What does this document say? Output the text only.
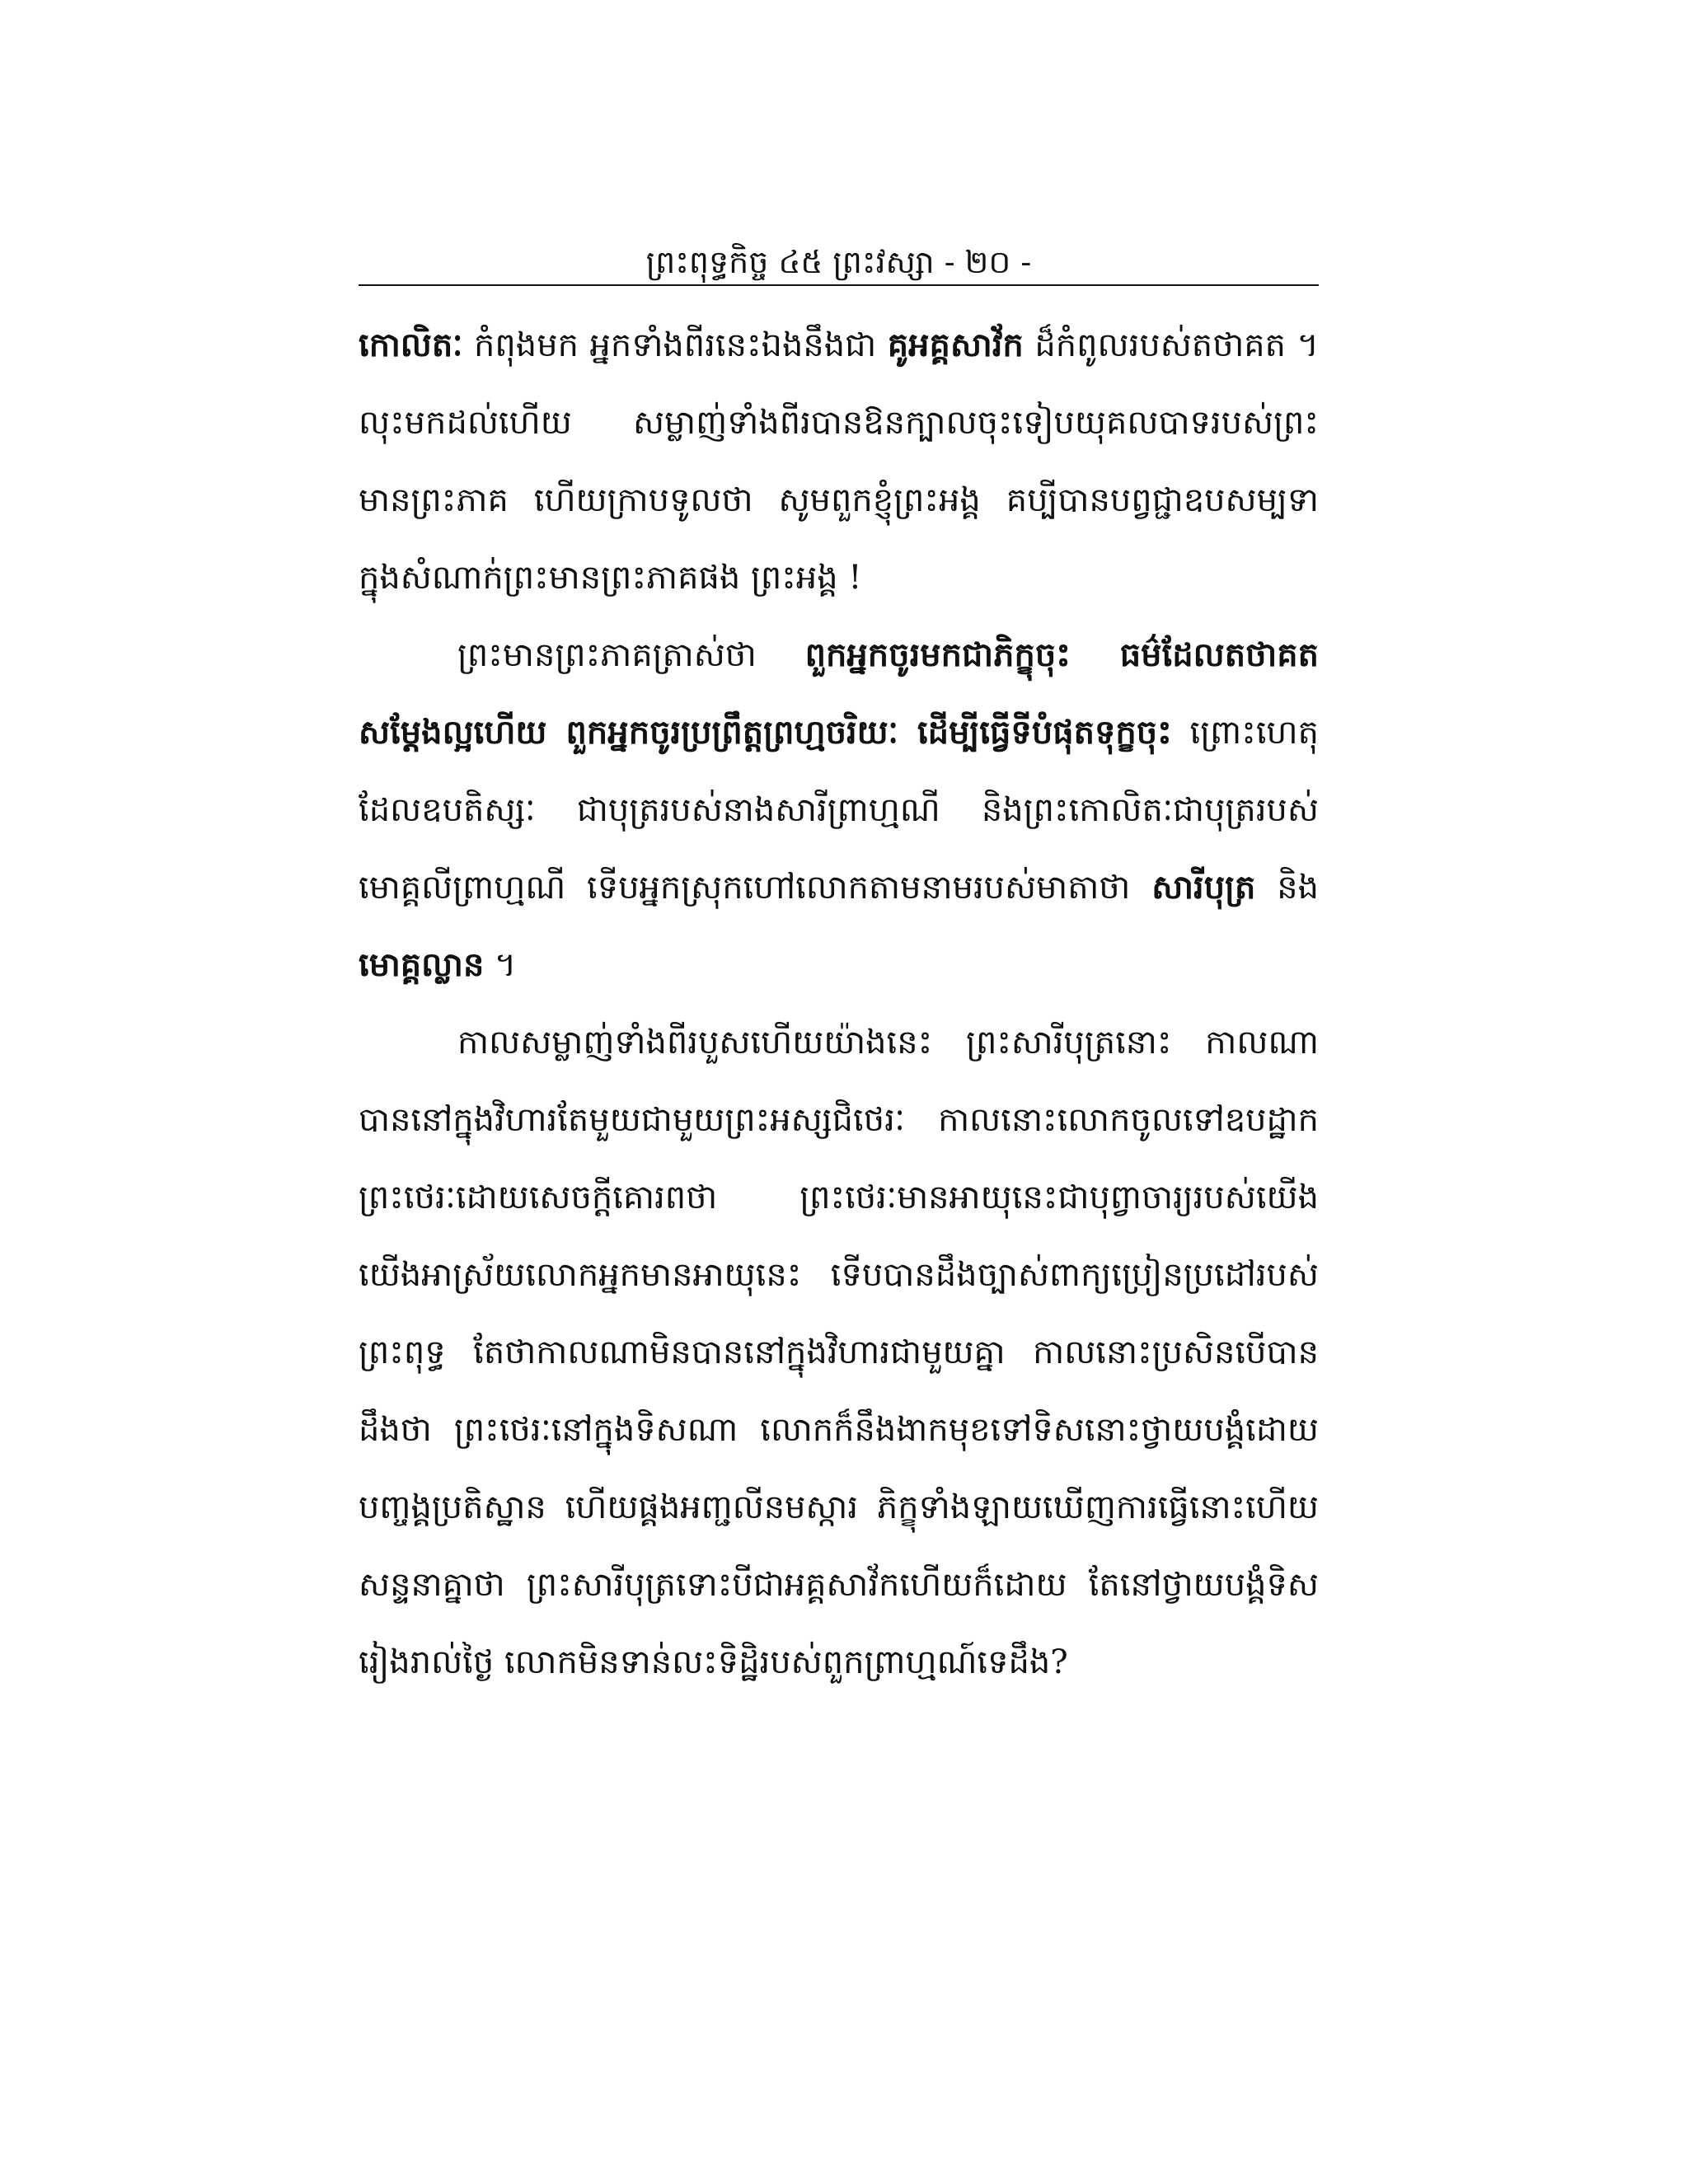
ព្រះពុទ្ធកិច្ច ៤៥ ព្រះវស្សា - ២០ -

កោលិតៈ កំពុងមក អ្នកទាំងពីរនេះឯងនឹងជា គូអគ្គសាវ័ក ដ៏កំពូលរបស់តថាគត ។ លុះមកដល់ហើយ សម្លាញ់ទាំងពីរបានឱនក្បាលចុះទៀបយុគលបាទរបស់ព្រះមានព្រះភាគ ហើយក្រាបទូលថា សូមពួកខ្ញុំព្រះអង្គ គប្បីបានបព្វជ្ជាឧបសម្បទា ក្នុងសំណាក់ព្រះមានព្រះភាគផង ព្រះអង្គ !

ព្រះមានព្រះភាគត្រាស់ថា ពួកអ្នកចូរមកជាភិក្ខុចុះ ធម៌ដែលតថាគតសម្តែងល្អហើយ ពួកអ្នកចូរប្រព្រឹត្តព្រហ្មចរិយៈ ដើម្បីធ្វើទីបំផុតទុក្ខចុះ ព្រោះហេតុដែលឧបតិស្សៈ ជាបុត្ររបស់នាងសារីព្រាហ្មណី និងព្រះកោលិតៈជាបុត្ររបស់មោគ្គលីព្រាហ្មណី ទើបអ្នកស្រុកហៅលោកតាមនាមរបស់មាតាថា សារីបុត្រ និង មោគ្គល្លាន ។

កាលសម្លាញ់ទាំងពីរបួសហើយយ៉ាងនេះ ព្រះសារីបុត្រនោះ កាលណាបាននៅក្នុងវិហារតែមួយជាមួយព្រះអស្សជិថេរៈ កាលនោះលោកចូលទៅឧបដ្ឋាកព្រះថេរៈដោយសេចក្តីគោរពថា ព្រះថេរៈមានអាយុនេះជាបុព្វាចារ្យរបស់យើង យើងអាស្រ័យលោកអ្នកមានអាយុនេះ ទើបបានដឹងច្បាស់ពាក្យប្រៀនប្រដៅរបស់ព្រះពុទ្ធ តែថាកាលណាមិនបាននៅក្នុងវិហារជាមួយគ្នា កាលនោះប្រសិនបើបានដឹងថា ព្រះថេរៈនៅក្នុងទិសណា លោកក៏នឹងងាកមុខទៅទិសនោះថ្វាយបង្គំដោយបញ្ចង្គប្រតិស្ឋាន ហើយផ្គងអញ្ជលីនមស្ការ ភិក្ខុទាំងឡាយឃើញការធ្វើនោះហើយ សន្ទនាគ្នាថា ព្រះសារីបុត្រទោះបីជាអគ្គសាវ័កហើយក៏ដោយ តែនៅថ្វាយបង្គំទិសរៀងរាល់ថ្ងៃ លោកមិនទាន់លះទិដ្ឋិរបស់ពួកព្រាហ្មណ៍ទេដឹង?
